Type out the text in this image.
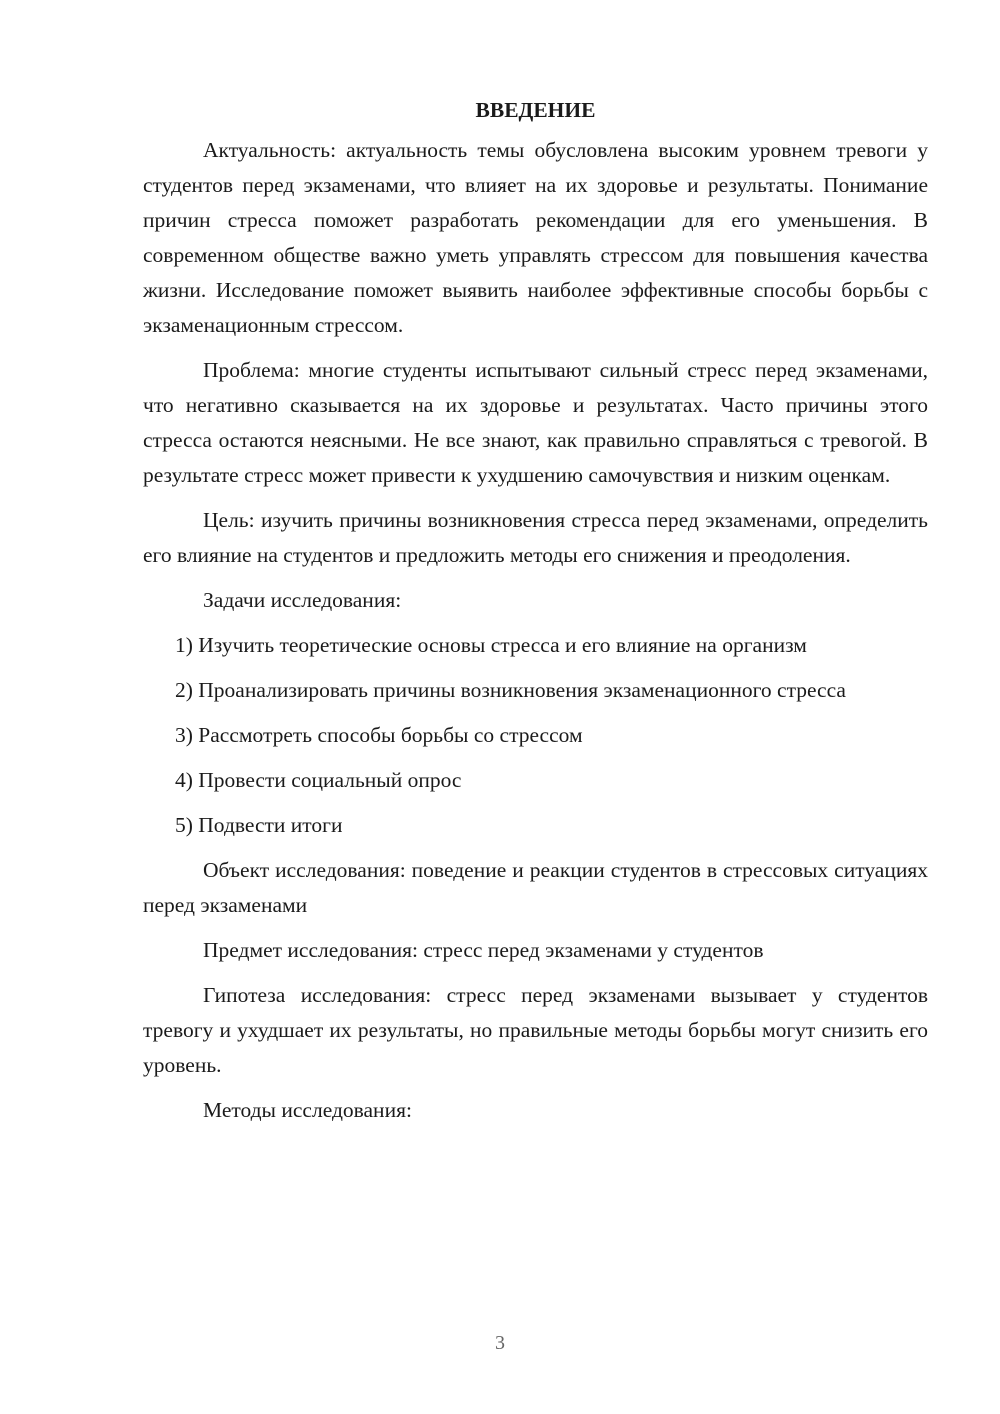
ВВЕДЕНИЕ

Актуальность: актуальность темы обусловлена высоким уровнем тревоги у студентов перед экзаменами, что влияет на их здоровье и результаты. Понимание причин стресса поможет разработать рекомендации для его уменьшения. В современном обществе важно уметь управлять стрессом для повышения качества жизни. Исследование поможет выявить наиболее эффективные способы борьбы с экзаменационным стрессом.

Проблема: многие студенты испытывают сильный стресс перед экзаменами, что негативно сказывается на их здоровье и результатах. Часто причины этого стресса остаются неясными. Не все знают, как правильно справляться с тревогой. В результате стресс может привести к ухудшению самочувствия и низким оценкам.

Цель: изучить причины возникновения стресса перед экзаменами, определить его влияние на студентов и предложить методы его снижения и преодоления.

Задачи исследования:

1) Изучить теоретические основы стресса и его влияние на организм

2) Проанализировать причины возникновения экзаменационного стресса

3) Рассмотреть способы борьбы со стрессом

4) Провести социальный опрос

5) Подвести итоги

Объект исследования: поведение и реакции студентов в стрессовых ситуациях перед экзаменами

Предмет исследования: стресс перед экзаменами у студентов

Гипотеза исследования: стресс перед экзаменами вызывает у студентов тревогу и ухудшает их результаты, но правильные методы борьбы могут снизить его уровень.

Методы исследования:

3
